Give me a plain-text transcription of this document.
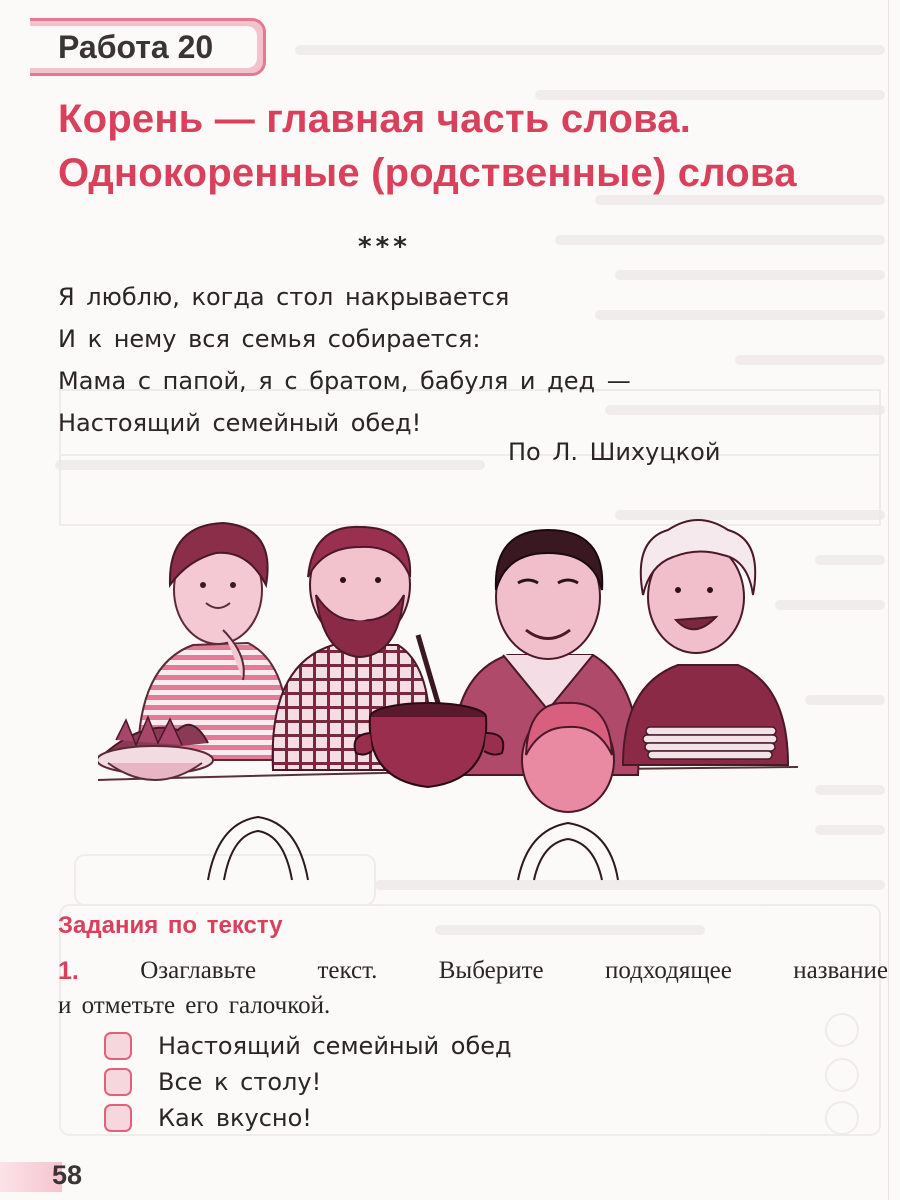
Работа 20
Корень — главная часть слова.
Однокоренные (родственные) слова
***
Я люблю, когда стол накрывается
И к нему вся семья собирается:
Мама с папой, я с братом, бабуля и дед —
Настоящий семейный обед!
По Л. Шихуцкой
Задания по тексту
1. Озаглавьте текст. Выберите подходящее название
и отметьте его галочкой.
Настоящий семейный обед
Все к столу!
Как вкусно!
58
